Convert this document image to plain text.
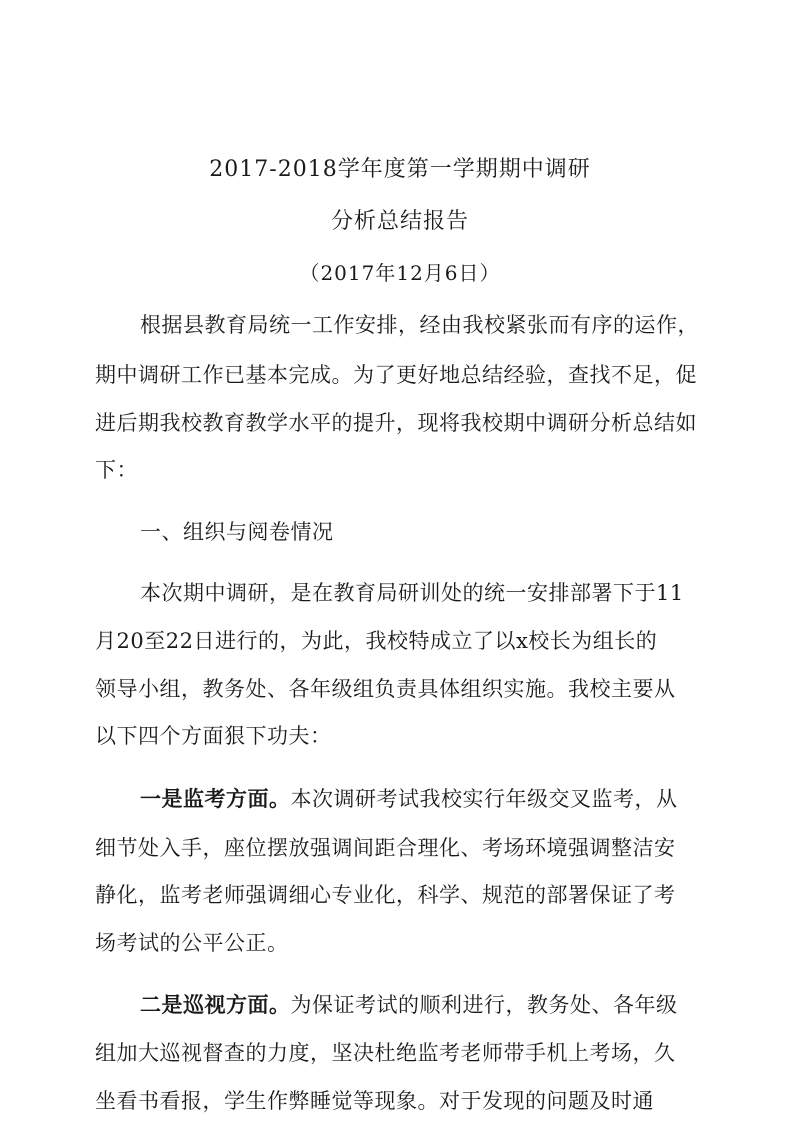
2017-2018学年度第一学期期中调研
分析总结报告
（2017年12月6日）
根据县教育局统一工作安排，经由我校紧张而有序的运作，
期中调研工作已基本完成。为了更好地总结经验，查找不足，促
进后期我校教育教学水平的提升，现将我校期中调研分析总结如
下：
一、组织与阅卷情况
本次期中调研，是在教育局研训处的统一安排部署下于11
月20至22日进行的，为此，我校特成立了以x校长为组长的
领导小组，教务处、各年级组负责具体组织实施。我校主要从
以下四个方面狠下功夫：
一是监考方面。本次调研考试我校实行年级交叉监考，从
细节处入手，座位摆放强调间距合理化、考场环境强调整洁安
静化，监考老师强调细心专业化，科学、规范的部署保证了考
场考试的公平公正。
二是巡视方面。为保证考试的顺利进行，教务处、各年级
组加大巡视督查的力度，坚决杜绝监考老师带手机上考场，久
坐看书看报，学生作弊睡觉等现象。对于发现的问题及时通
